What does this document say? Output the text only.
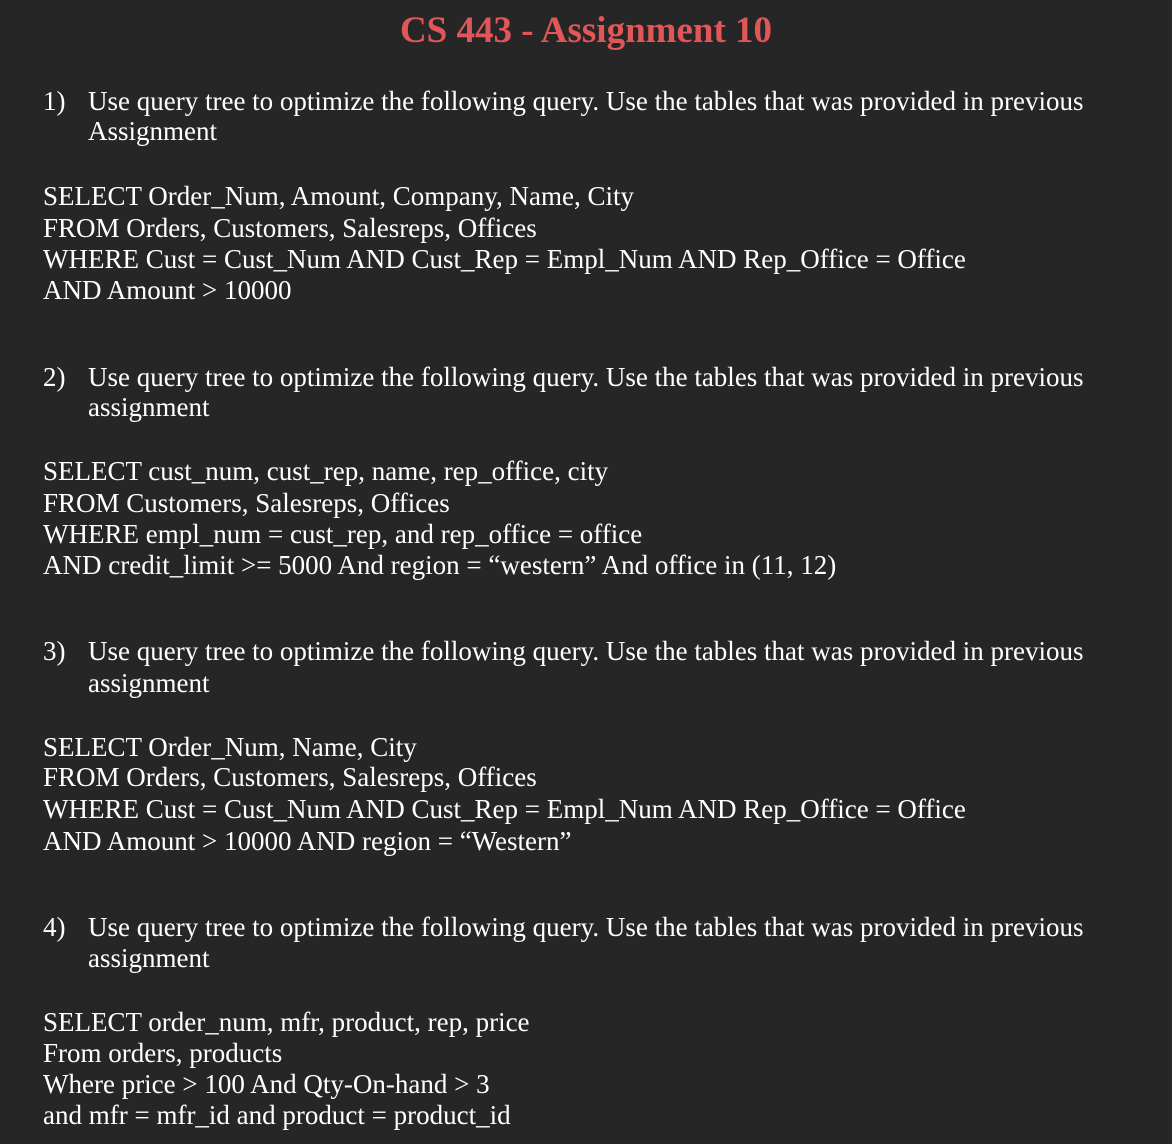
CS 443 - Assignment 10
1) Use query tree to optimize the following query. Use the tables that was provided in previous
Assignment
SELECT Order_Num, Amount, Company, Name, City
FROM Orders, Customers, Salesreps, Offices
WHERE Cust = Cust_Num AND Cust_Rep = Empl_Num AND Rep_Office = Office
AND Amount > 10000
2) Use query tree to optimize the following query. Use the tables that was provided in previous
assignment
SELECT cust_num, cust_rep, name, rep_office, city
FROM Customers, Salesreps, Offices
WHERE empl_num = cust_rep, and rep_office = office
AND credit_limit >= 5000 And region = “western” And office in (11, 12)
3) Use query tree to optimize the following query. Use the tables that was provided in previous
assignment
SELECT Order_Num, Name, City
FROM Orders, Customers, Salesreps, Offices
WHERE Cust = Cust_Num AND Cust_Rep = Empl_Num AND Rep_Office = Office
AND Amount > 10000 AND region = “Western”
4) Use query tree to optimize the following query. Use the tables that was provided in previous
assignment
SELECT order_num, mfr, product, rep, price
From orders, products
Where price > 100 And Qty-On-hand > 3
and mfr = mfr_id and product = product_id
